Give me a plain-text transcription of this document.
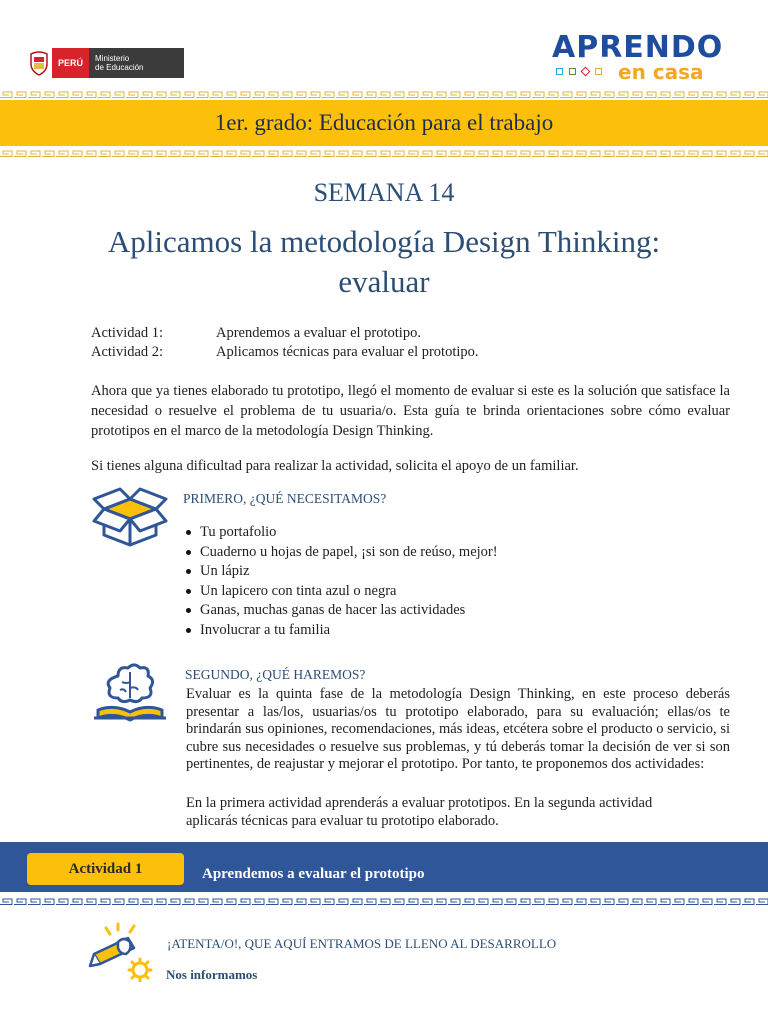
PERÚ	Ministerio
de Educación
APRENDO
en casa
1er. grado: Educación para el trabajo
SEMANA 14
Aplicamos la metodología Design Thinking:
evaluar
Actividad 1:	Aprendemos a evaluar el prototipo.
Actividad 2:	Aplicamos técnicas para evaluar el prototipo.
Ahora que ya tienes elaborado tu prototipo, llegó el momento de evaluar si este es la solución que satisface la necesidad o resuelve el problema de tu usuaria/o. Esta guía te brinda orientaciones sobre cómo evaluar prototipos en el marco de la metodología Design Thinking.
Si tienes alguna dificultad para realizar la actividad, solicita el apoyo de un familiar.
PRIMERO, ¿QUÉ NECESITAMOS?
Tu portafolio
Cuaderno u hojas de papel, ¡si son de reúso, mejor!
Un lápiz
Un lapicero con tinta azul o negra
Ganas, muchas ganas de hacer las actividades
Involucrar a tu familia
SEGUNDO, ¿QUÉ HAREMOS?
Evaluar es la quinta fase de la metodología Design Thinking, en este proceso deberás presentar a las/los, usuarias/os tu prototipo elaborado, para su evaluación; ellas/os te brindarán sus opiniones, recomendaciones, más ideas, etcétera sobre el producto o servicio, si cubre sus necesidades o resuelve sus problemas, y tú deberás tomar la decisión de ver si son pertinentes, de reajustar y mejorar el prototipo. Por tanto, te proponemos dos actividades:
En la primera actividad aprenderás a evaluar prototipos. En la segunda actividad aplicarás técnicas para evaluar tu prototipo elaborado.
Actividad 1	Aprendemos a evaluar el prototipo
¡ATENTA/O!, QUE AQUÍ ENTRAMOS DE LLENO AL DESARROLLO
Nos informamos
